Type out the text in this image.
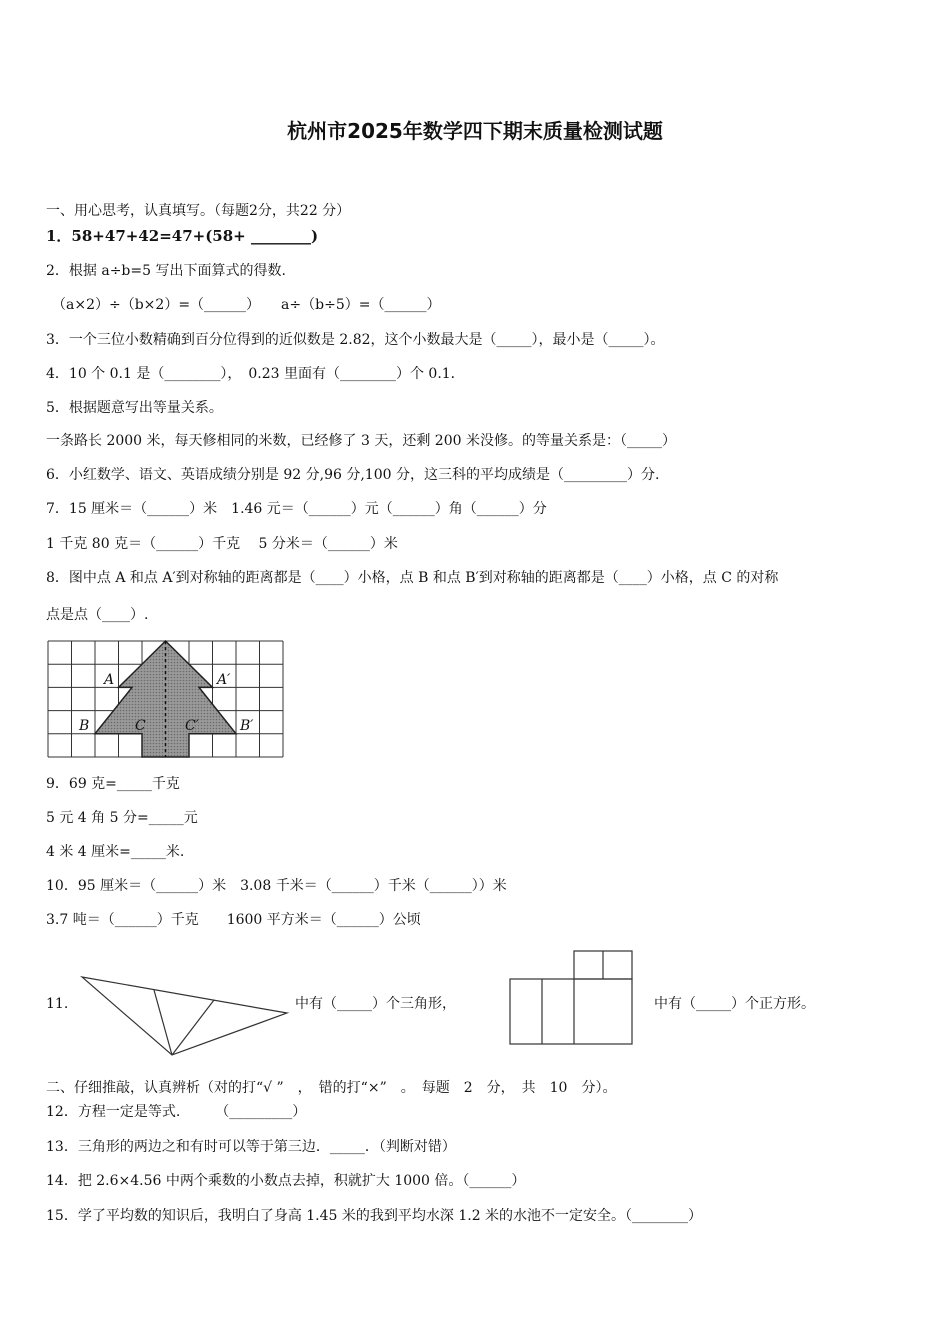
杭州市2025年数学四下期末质量检测试题
一、用心思考，认真填写。（每题2分，共22 分）
1．58+47+42=47+(58+ ________)
2．根据 a÷b=5 写出下面算式的得数.
（a×2）÷（b×2）=（______）　　a÷（b÷5）=（______）
3．一个三位小数精确到百分位得到的近似数是 2.82，这个小数最大是（_____），最小是（_____）。
4．10 个 0.1 是（________），　0.23 里面有（________）个 0.1．
5．根据题意写出等量关系。
一条路长 2000 米，每天修相同的米数，已经修了 3 天，还剩 200 米没修。的等量关系是：（_____）
6．小红数学、语文、英语成绩分别是 92 分,96 分,100 分，这三科的平均成绩是（_________）分.
7．15 厘米＝（______）米　1.46 元＝（______）元（______）角（______）分
1 千克 80 克＝（______）千克　 5 分米＝（______）米
8．图中点 A 和点 A′到对称轴的距离都是（____）小格，点 B 和点 B′到对称轴的距离都是（____）小格，点 C 的对称
点是点（____）.
A	A′
B	C	C′	B′
9．69 克=_____千克
5 元 4 角 5 分=_____元
4 米 4 厘米=_____米.
10．95 厘米＝（______）米　3.08 千米＝（______）千米（______））米
3.7 吨＝（______）千克　　1600 平方米＝（______）公顷
11.	中有（_____）个三角形，	中有（_____）个正方形。
二、仔细推敲，认真辨析（对的打“√ ”　，　错的打“×”　。　每题　2　分，　共　10　分）。
12．方程一定是等式.　　　（_________）
13．三角形的两边之和有时可以等于第三边．_____．（判断对错）
14．把 2.6×4.56 中两个乘数的小数点去掉，积就扩大 1000 倍。（______）
15．学了平均数的知识后，我明白了身高 1.45 米的我到平均水深 1.2 米的水池不一定安全。（________）
